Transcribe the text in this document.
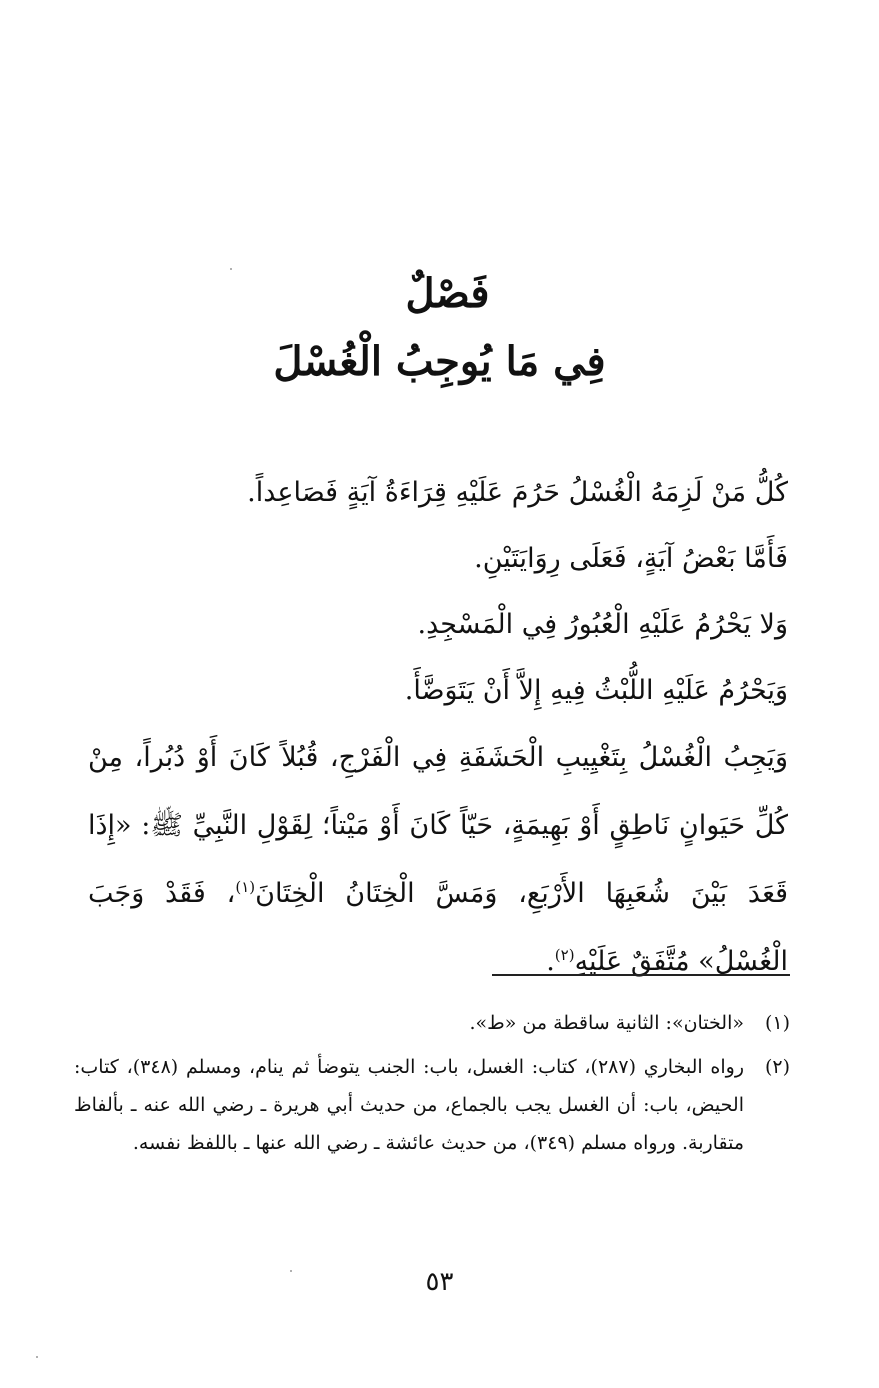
فَصْلٌ
فِي مَا يُوجِبُ الْغُسْلَ

كُلُّ مَنْ لَزِمَهُ الْغُسْلُ حَرُمَ عَلَيْهِ قِرَاءَةُ آيَةٍ فَصَاعِداً.

فَأَمَّا بَعْضُ آيَةٍ، فَعَلَى رِوَايَتَيْنِ.

وَلا يَحْرُمُ عَلَيْهِ الْعُبُورُ فِي الْمَسْجِدِ.

وَيَحْرُمُ عَلَيْهِ اللُّبْثُ فِيهِ إِلاَّ أَنْ يَتَوَضَّأَ.

وَيَجِبُ الْغُسْلُ بِتَغْيِيبِ الْحَشَفَةِ فِي الْفَرْجِ، قُبُلاً كَانَ أَوْ دُبُراً، مِنْ كُلِّ حَيَوانٍ نَاطِقٍ أَوْ بَهِيمَةٍ، حَيّاً كَانَ أَوْ مَيْتاً؛ لِقَوْلِ النَّبِيِّ ﷺ: «إِذَا قَعَدَ بَيْنَ شُعَبِهَا الأَرْبَعِ، وَمَسَّ الْخِتَانُ الْخِتَانَ$^{(١)}$، فَقَدْ وَجَبَ الْغُسْلُ» مُتَّفَقٌ عَلَيْهِ$^{(٢)}$.

(١)
«الختان»: الثانية ساقطة من «ط».
(٢)
رواه البخاري (٢٨٧)، كتاب: الغسل، باب: الجنب يتوضأ ثم ينام، ومسلم (٣٤٨)، كتاب: الحيض، باب: أن الغسل يجب بالجماع، من حديث أبي هريرة ـ رضي الله عنه ـ بألفاظ متقاربة. ورواه مسلم (٣٤٩)، من حديث عائشة ـ رضي الله عنها ـ باللفظ نفسه.
٥٣
